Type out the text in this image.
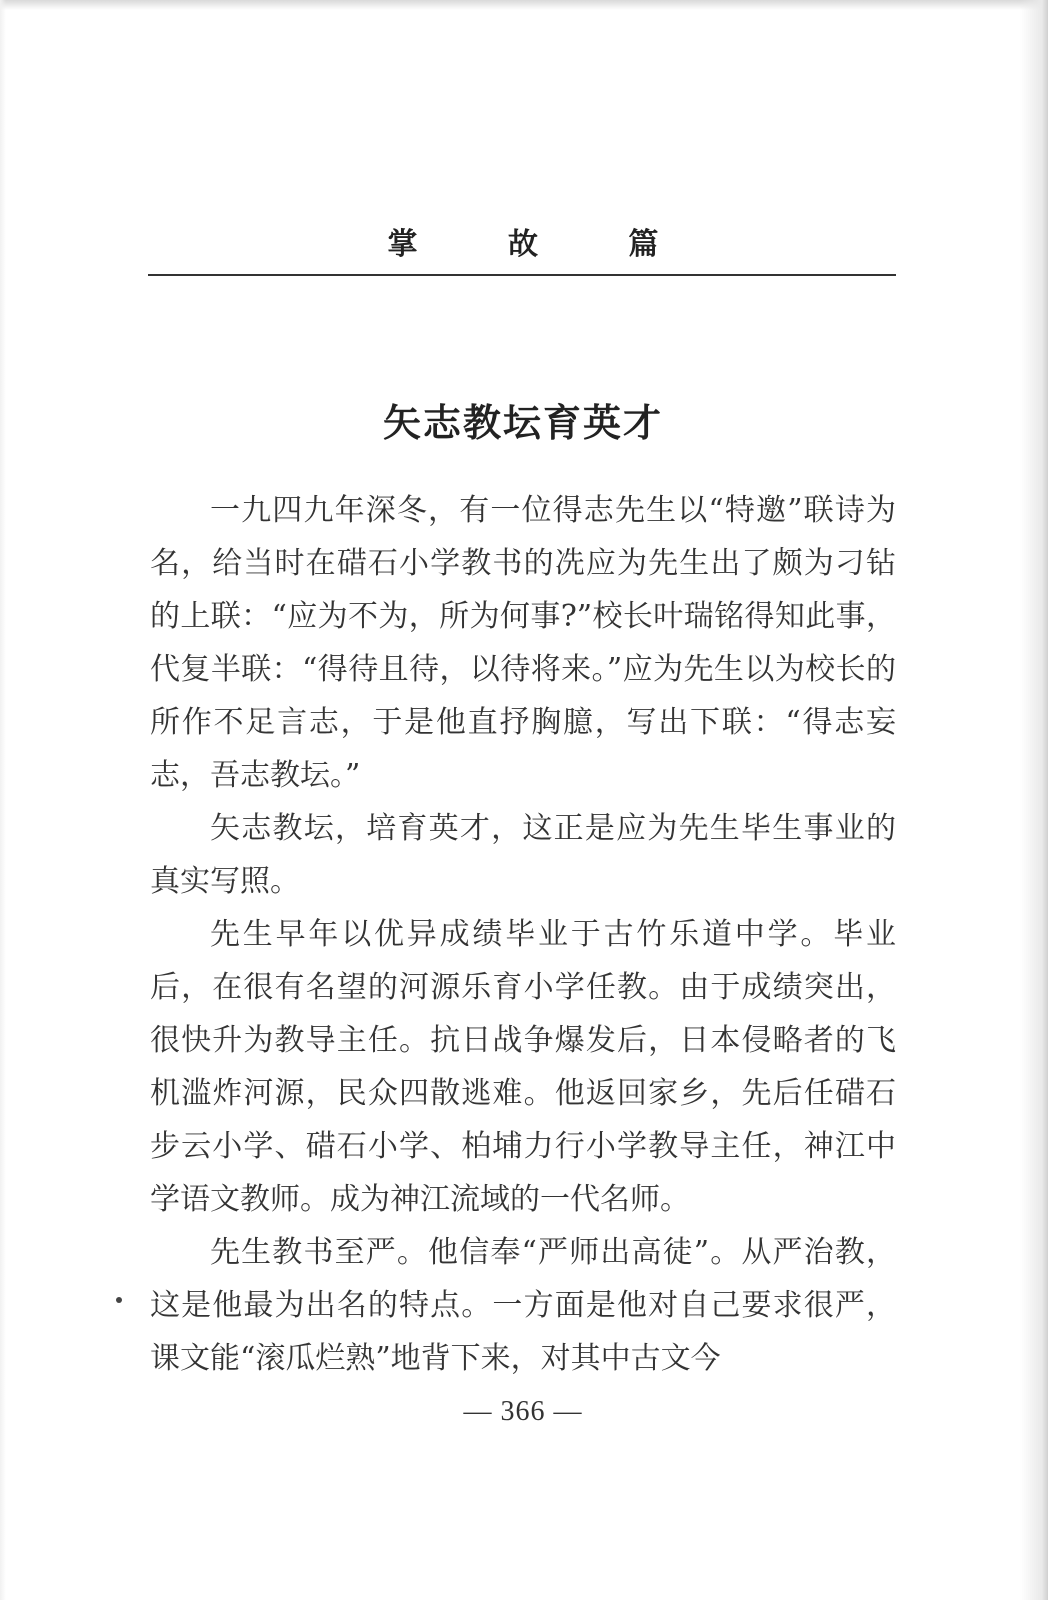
掌 故 篇
矢志教坛育英才

一九四九年深冬，有一位得志先生以“特邀”联诗为名，给当时在碏石小学教书的冼应为先生出了颇为刁钻的上联：“应为不为，所为何事?”校长叶瑞铭得知此事，代复半联：“得待且待，以待将来。”应为先生以为校长的所作不足言志，于是他直抒胸臆，写出下联：“得志妄志，吾志教坛。”

矢志教坛，培育英才，这正是应为先生毕生事业的真实写照。

先生早年以优异成绩毕业于古竹乐道中学。毕业后，在很有名望的河源乐育小学任教。由于成绩突出，很快升为教导主任。抗日战争爆发后，日本侵略者的飞机滥炸河源，民众四散逃难。他返回家乡，先后任碏石步云小学、碏石小学、柏埔力行小学教导主任，神江中学语文教师。成为神江流域的一代名师。

先生教书至严。他信奉“严师出高徒”。从严治教，这是他最为出名的特点。一方面是他对自己要求很严，课文能“滚瓜烂熟”地背下来，对其中古文今

— 366 —
